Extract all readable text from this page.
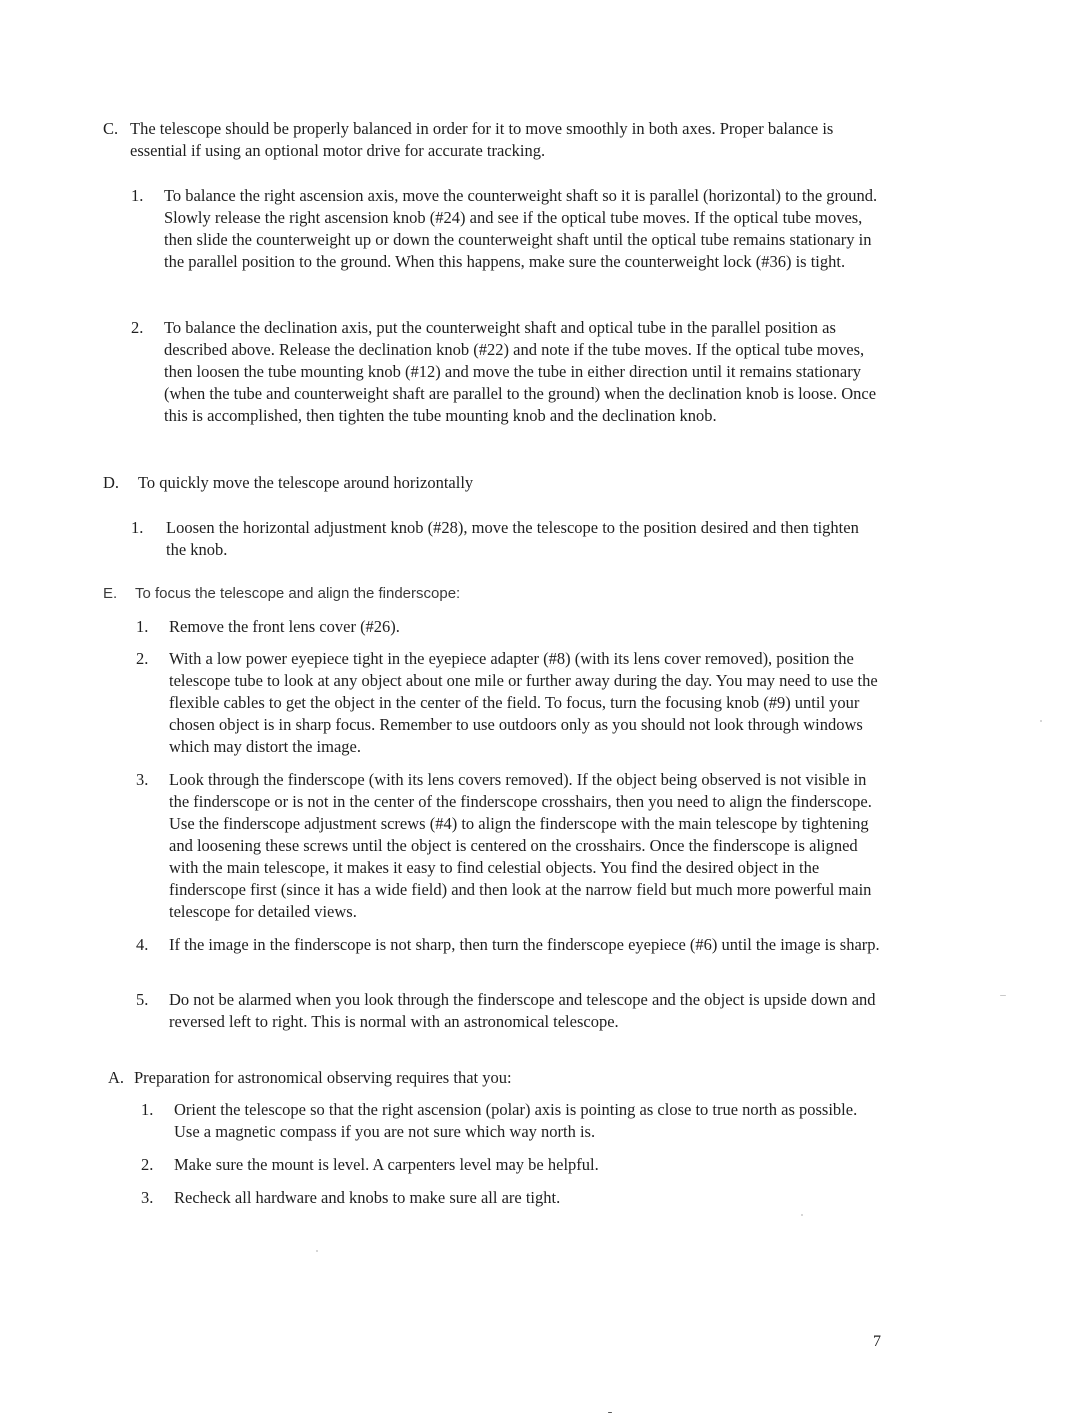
C. The telescope should be properly balanced in order for it to move smoothly in both axes. Proper balance is essential if using an optional motor drive for accurate tracking.
1.	To balance the right ascension axis, move the counterweight shaft so it is parallel (horizontal) to the ground. Slowly release the right ascension knob (#24) and see if the optical tube moves. If the optical tube moves, then slide the counterweight up or down the counterweight shaft until the optical tube remains stationary in the parallel position to the ground. When this happens, make sure the counterweight lock (#36) is tight.
2.	To balance the declination axis, put the counterweight shaft and optical tube in the parallel position as described above. Release the declination knob (#22) and note if the tube moves. If the optical tube moves, then loosen the tube mounting knob (#12) and move the tube in either direction until it remains stationary (when the tube and counterweight shaft are parallel to the ground) when the declination knob is loose. Once this is accomplished, then tighten the tube mounting knob and the declination knob.
D.	To quickly move the telescope around horizontally
1.	Loosen the horizontal adjustment knob (#28), move the telescope to the position desired and then tighten the knob.
E.	To focus the telescope and align the finderscope:
1.	Remove the front lens cover (#26).
2.	With a low power eyepiece tight in the eyepiece adapter (#8) (with its lens cover removed), position the telescope tube to look at any object about one mile or further away during the day. You may need to use the flexible cables to get the object in the center of the field. To focus, turn the focusing knob (#9) until your chosen object is in sharp focus. Remember to use outdoors only as you should not look through windows which may distort the image.
3.	Look through the finderscope (with its lens covers removed). If the object being observed is not visible in the finderscope or is not in the center of the finderscope crosshairs, then you need to align the finderscope. Use the finderscope adjustment screws (#4) to align the finderscope with the main telescope by tightening and loosening these screws until the object is centered on the crosshairs. Once the finderscope is aligned with the main telescope, it makes it easy to find celestial objects. You find the desired object in the finderscope first (since it has a wide field) and then look at the narrow field but much more powerful main telescope for detailed views.
4.	If the image in the finderscope is not sharp, then turn the finderscope eyepiece (#6) until the image is sharp.
5.	Do not be alarmed when you look through the finderscope and telescope and the object is upside down and reversed left to right. This is normal with an astronomical telescope.
A. Preparation for astronomical observing requires that you:
1.	Orient the telescope so that the right ascension (polar) axis is pointing as close to true north as possible. Use a magnetic compass if you are not sure which way north is.
2.	Make sure the mount is level. A carpenters level may be helpful.
3.	Recheck all hardware and knobs to make sure all are tight.
7
